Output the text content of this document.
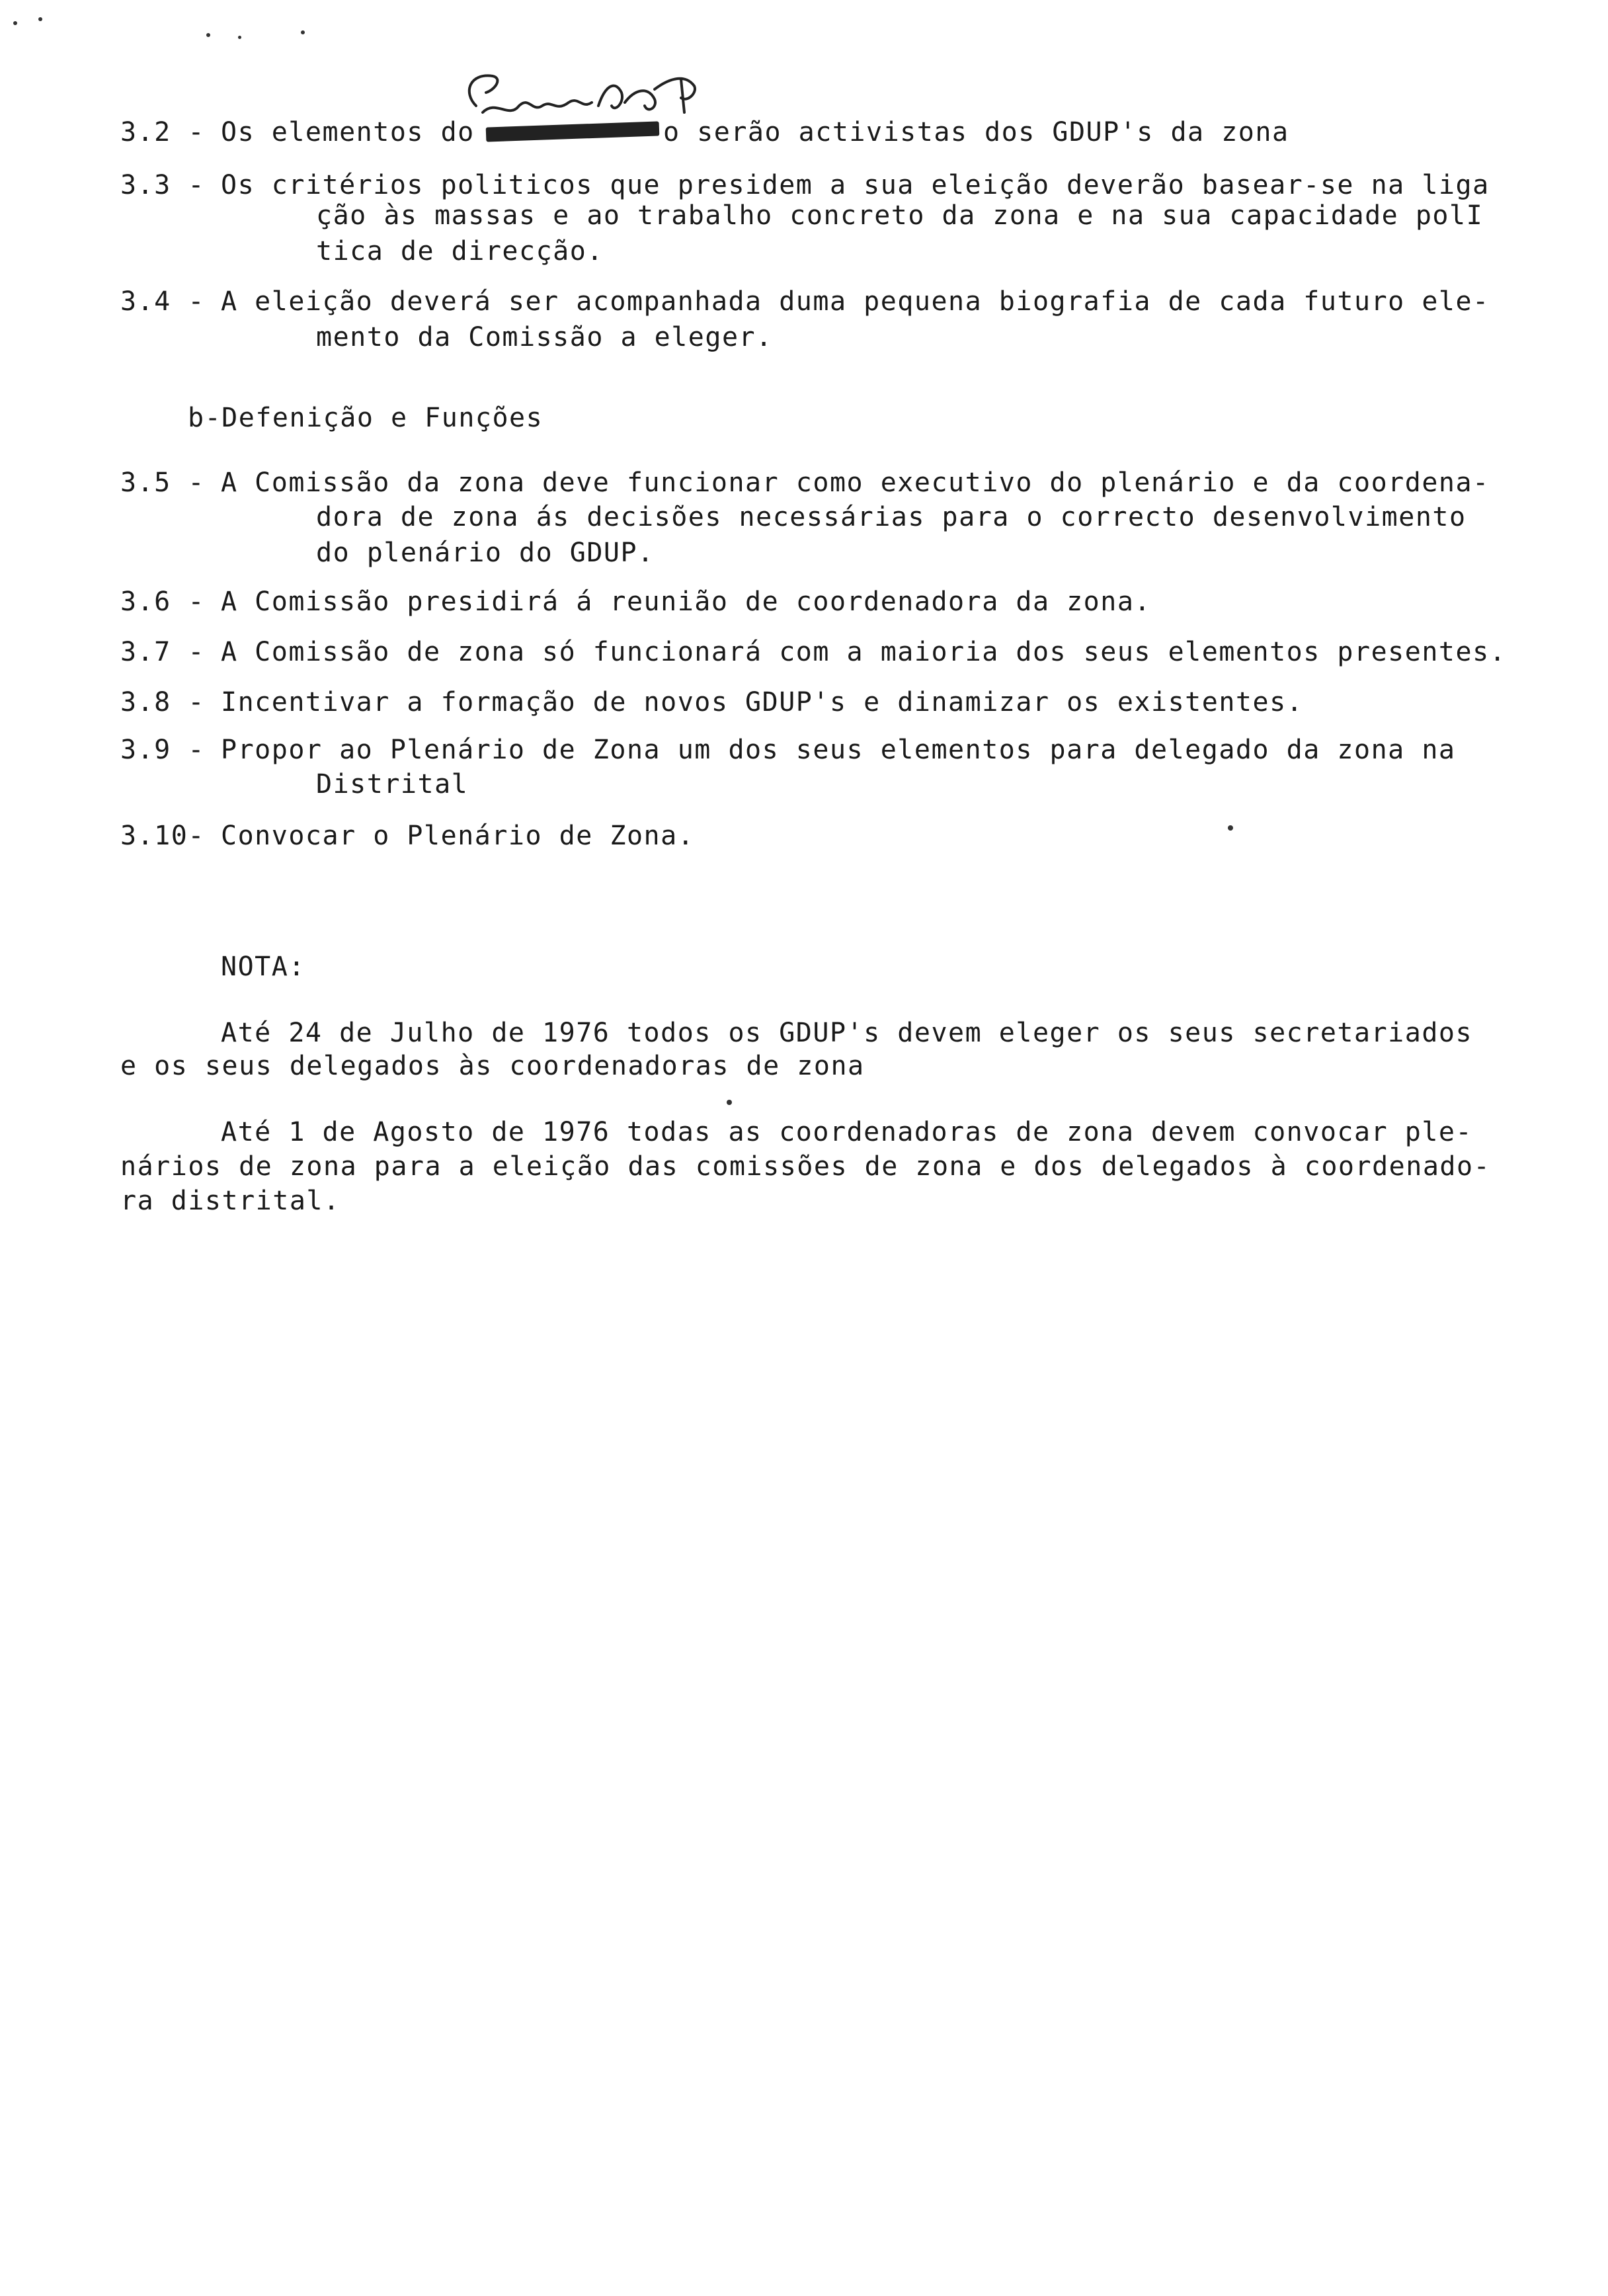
3.2 - Os elementos do	o serão activistas dos GDUP's da zona
3.3 - Os critérios politicos que presidem a sua eleição deverão basear-se na liga
ção às massas e ao trabalho concreto da zona e na sua capacidade polI
tica de direcção.
3.4 - A eleição deverá ser acompanhada duma pequena biografia de cada futuro ele-
mento da Comissão a eleger.
b-Defenição e Funções
3.5 - A Comissão da zona deve funcionar como executivo do plenário e da coordena-
dora de zona ás decisões necessárias para o correcto desenvolvimento
do plenário do GDUP.
3.6 - A Comissão presidirá á reunião de coordenadora da zona.
3.7 - A Comissão de zona só funcionará com a maioria dos seus elementos presentes.
3.8 - Incentivar a formação de novos GDUP's e dinamizar os existentes.
3.9 - Propor ao Plenário de Zona um dos seus elementos para delegado da zona na
Distrital
3.10- Convocar o Plenário de Zona.
NOTA:
Até 24 de Julho de 1976 todos os GDUP's devem eleger os seus secretariados
e os seus delegados às coordenadoras de zona
Até 1 de Agosto de 1976 todas as coordenadoras de zona devem convocar ple-
nários de zona para a eleição das comissões de zona e dos delegados à coordenado-
ra distrital.
